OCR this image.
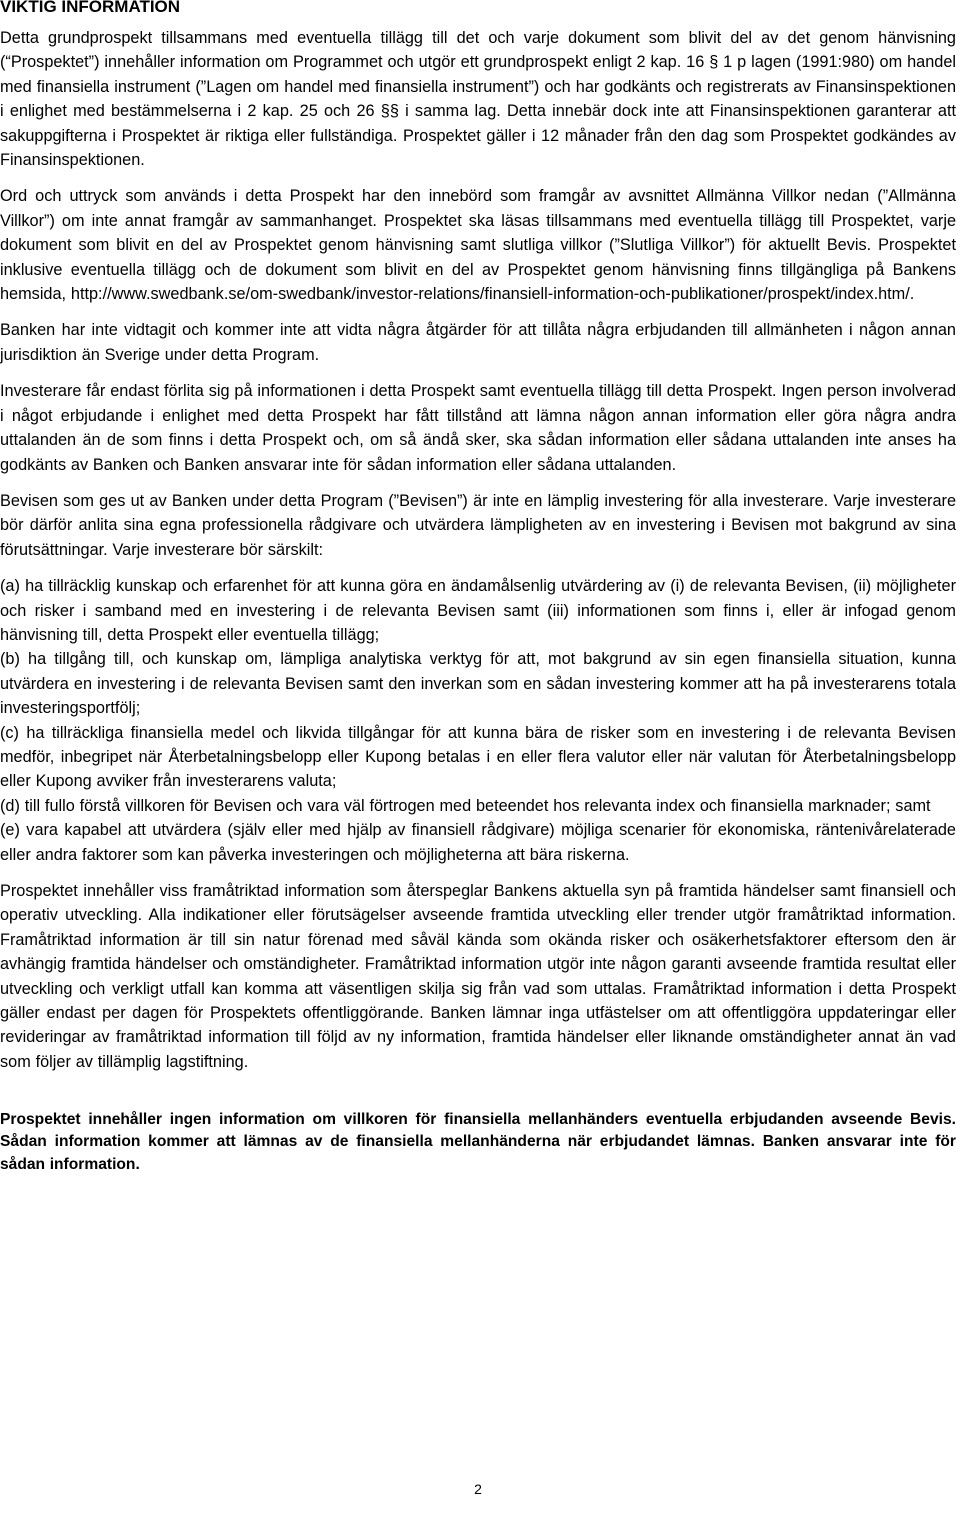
VIKTIG INFORMATION

Detta grundprospekt tillsammans med eventuella tillägg till det och varje dokument som blivit del av det genom hänvisning (“Prospektet”) innehåller information om Programmet och utgör ett grundprospekt enligt 2 kap. 16 § 1 p lagen (1991:980) om handel med finansiella instrument (”Lagen om handel med finansiella instrument”) och har godkänts och registrerats av Finansinspektionen i enlighet med bestämmelserna i 2 kap. 25 och 26 §§ i samma lag. Detta innebär dock inte att Finansinspektionen garanterar att sakuppgifterna i Prospektet är riktiga eller fullständiga. Prospektet gäller i 12 månader från den dag som Prospektet godkändes av Finansinspektionen.

Ord och uttryck som används i detta Prospekt har den innebörd som framgår av avsnittet Allmänna Villkor nedan (”Allmänna Villkor”) om inte annat framgår av sammanhanget. Prospektet ska läsas tillsammans med eventuella tillägg till Prospektet, varje dokument som blivit en del av Prospektet genom hänvisning samt slutliga villkor (”Slutliga Villkor”) för aktuellt Bevis. Prospektet inklusive eventuella tillägg och de dokument som blivit en del av Prospektet genom hänvisning finns tillgängliga på Bankens hemsida, http://www.swedbank.se/om-swedbank/investor-relations/finansiell-information-och-publikationer/prospekt/index.htm/.

Banken har inte vidtagit och kommer inte att vidta några åtgärder för att tillåta några erbjudanden till allmänheten i någon annan jurisdiktion än Sverige under detta Program.

Investerare får endast förlita sig på informationen i detta Prospekt samt eventuella tillägg till detta Prospekt. Ingen person involverad i något erbjudande i enlighet med detta Prospekt har fått tillstånd att lämna någon annan information eller göra några andra uttalanden än de som finns i detta Prospekt och, om så ändå sker, ska sådan information eller sådana uttalanden inte anses ha godkänts av Banken och Banken ansvarar inte för sådan information eller sådana uttalanden.

Bevisen som ges ut av Banken under detta Program (”Bevisen”) är inte en lämplig investering för alla investerare. Varje investerare bör därför anlita sina egna professionella rådgivare och utvärdera lämpligheten av en investering i Bevisen mot bakgrund av sina förutsättningar. Varje investerare bör särskilt:

(a) ha tillräcklig kunskap och erfarenhet för att kunna göra en ändamålsenlig utvärdering av (i) de relevanta Bevisen, (ii) möjligheter och risker i samband med en investering i de relevanta Bevisen samt (iii) informationen som finns i, eller är infogad genom hänvisning till, detta Prospekt eller eventuella tillägg;

(b) ha tillgång till, och kunskap om, lämpliga analytiska verktyg för att, mot bakgrund av sin egen finansiella situation, kunna utvärdera en investering i de relevanta Bevisen samt den inverkan som en sådan investering kommer att ha på investerarens totala investeringsportfölj;

(c) ha tillräckliga finansiella medel och likvida tillgångar för att kunna bära de risker som en investering i de relevanta Bevisen medför, inbegripet när Återbetalningsbelopp eller Kupong betalas i en eller flera valutor eller när valutan för Återbetalningsbelopp eller Kupong avviker från investerarens valuta;

(d) till fullo förstå villkoren för Bevisen och vara väl förtrogen med beteendet hos relevanta index och finansiella marknader; samt

(e) vara kapabel att utvärdera (själv eller med hjälp av finansiell rådgivare) möjliga scenarier för ekonomiska, räntenivårelaterade eller andra faktorer som kan påverka investeringen och möjligheterna att bära riskerna.

Prospektet innehåller viss framåtriktad information som återspeglar Bankens aktuella syn på framtida händelser samt finansiell och operativ utveckling. Alla indikationer eller förutsägelser avseende framtida utveckling eller trender utgör framåtriktad information. Framåtriktad information är till sin natur förenad med såväl kända som okända risker och osäkerhetsfaktorer eftersom den är avhängig framtida händelser och omständigheter. Framåtriktad information utgör inte någon garanti avseende framtida resultat eller utveckling och verkligt utfall kan komma att väsentligen skilja sig från vad som uttalas. Framåtriktad information i detta Prospekt gäller endast per dagen för Prospektets offentliggörande. Banken lämnar inga utfästelser om att offentliggöra uppdateringar eller revideringar av framåtriktad information till följd av ny information, framtida händelser eller liknande omständigheter annat än vad som följer av tillämplig lagstiftning.

Prospektet innehåller ingen information om villkoren för finansiella mellanhänders eventuella erbjudanden avseende Bevis. Sådan information kommer att lämnas av de finansiella mellanhänderna när erbjudandet lämnas. Banken ansvarar inte för sådan information.

2
